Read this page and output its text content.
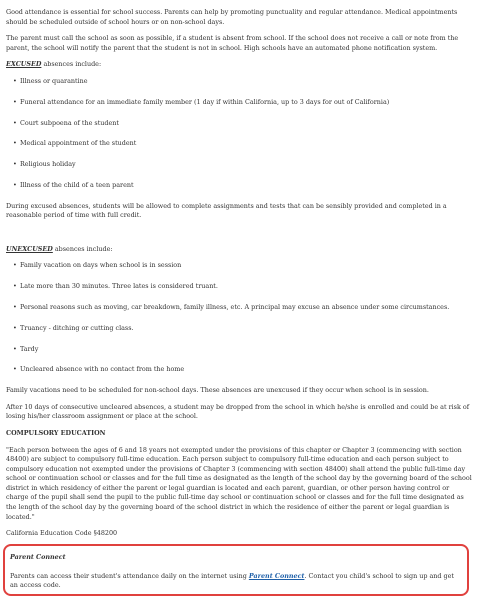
Good attendance is essential for school success. Parents can help by promoting punctuality and regular attendance. Medical appointments should be scheduled outside of school hours or on non-school days.

The parent must call the school as soon as possible, if a student is absent from school. If the school does not receive a call or note from the parent, the school will notify the parent that the student is not in school. High schools have an automated phone notification system.

EXCUSED absences include:

• Illness or quarantine
• Funeral attendance for an immediate family member (1 day if within California, up to 3 days for out of California)
• Court subpoena of the student
• Medical appointment of the student
• Religious holiday
• Illness of the child of a teen parent

During excused absences, students will be allowed to complete assignments and tests that can be sensibly provided and completed in a reasonable period of time with full credit.

UNEXCUSED absences include:

• Family vacation on days when school is in session
• Late more than 30 minutes. Three lates is considered truant.
• Personal reasons such as moving, car breakdown, family illness, etc. A principal may excuse an absence under some circumstances.
• Truancy - ditching or cutting class.
• Tardy
• Uncleared absence with no contact from the home

Family vacations need to be scheduled for non-school days. These absences are unexcused if they occur when school is in session.

After 10 days of consecutive uncleared absences, a student may be dropped from the school in which he/she is enrolled and could be at risk of losing his/her classroom assignment or place at the school.

COMPULSORY EDUCATION

"Each person between the ages of 6 and 18 years not exempted under the provisions of this chapter or Chapter 3 (commencing with section 48400) are subject to compulsory full-time education. Each person subject to compulsory full-time education and each person subject to compulsory education not exempted under the provisions of Chapter 3 (commencing with section 48400) shall attend the public full-time day school or continuation school or classes and for the full time as designated as the length of the school day by the governing board of the school district in which residency of either the parent or legal guardian is located and each parent, guardian, or other person having control or charge of the pupil shall send the pupil to the public full-time day school or continuation school or classes and for the full time designated as the length of the school day by the governing board of the school district in which the residence of either the parent or legal guardian is located."

California Education Code §48200

Parent Connect

Parents can access their student's attendance daily on the internet using Parent Connect. Contact you child's school to sign up and get an access code.
